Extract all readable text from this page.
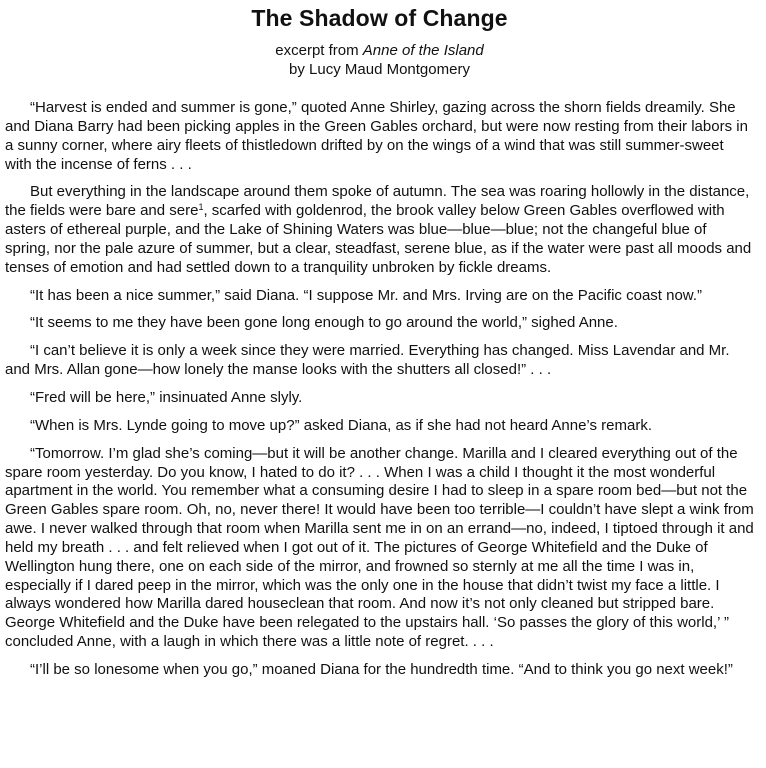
The Shadow of Change
excerpt from Anne of the Island
by Lucy Maud Montgomery

“Harvest is ended and summer is gone,” quoted Anne Shirley, gazing across the shorn fields dreamily. She and Diana Barry had been picking apples in the Green Gables orchard, but were now resting from their labors in a sunny corner, where airy fleets of thistledown drifted by on the wings of a wind that was still summer-sweet with the incense of ferns . . .

But everything in the landscape around them spoke of autumn. The sea was roaring hollowly in the distance, the fields were bare and sere$^1$, scarfed with goldenrod, the brook valley below Green Gables overflowed with asters of ethereal purple, and the Lake of Shining Waters was blue—blue—blue; not the changeful blue of spring, nor the pale azure of summer, but a clear, steadfast, serene blue, as if the water were past all moods and tenses of emotion and had settled down to a tranquility unbroken by fickle dreams.

“It has been a nice summer,” said Diana. “I suppose Mr. and Mrs. Irving are on the Pacific coast now.”

“It seems to me they have been gone long enough to go around the world,” sighed Anne.

“I can’t believe it is only a week since they were married. Everything has changed. Miss Lavendar and Mr. and Mrs. Allan gone—how lonely the manse looks with the shutters all closed!” . . .

“Fred will be here,” insinuated Anne slyly.

“When is Mrs. Lynde going to move up?” asked Diana, as if she had not heard Anne’s remark.

“Tomorrow. I’m glad she’s coming—but it will be another change. Marilla and I cleared everything out of the spare room yesterday. Do you know, I hated to do it? . . . When I was a child I thought it the most wonderful apartment in the world. You remember what a consuming desire I had to sleep in a spare room bed—but not the Green Gables spare room. Oh, no, never there! It would have been too terrible—I couldn’t have slept a wink from awe. I never walked through that room when Marilla sent me in on an errand—no, indeed, I tiptoed through it and held my breath . . . and felt relieved when I got out of it. The pictures of George Whitefield and the Duke of Wellington hung there, one on each side of the mirror, and frowned so sternly at me all the time I was in, especially if I dared peep in the mirror, which was the only one in the house that didn’t twist my face a little. I always wondered how Marilla dared houseclean that room. And now it’s not only cleaned but stripped bare. George Whitefield and the Duke have been relegated to the upstairs hall. ‘So passes the glory of this world,’ ” concluded Anne, with a laugh in which there was a little note of regret. . . .

“I’ll be so lonesome when you go,” moaned Diana for the hundredth time. “And to think you go next week!”
